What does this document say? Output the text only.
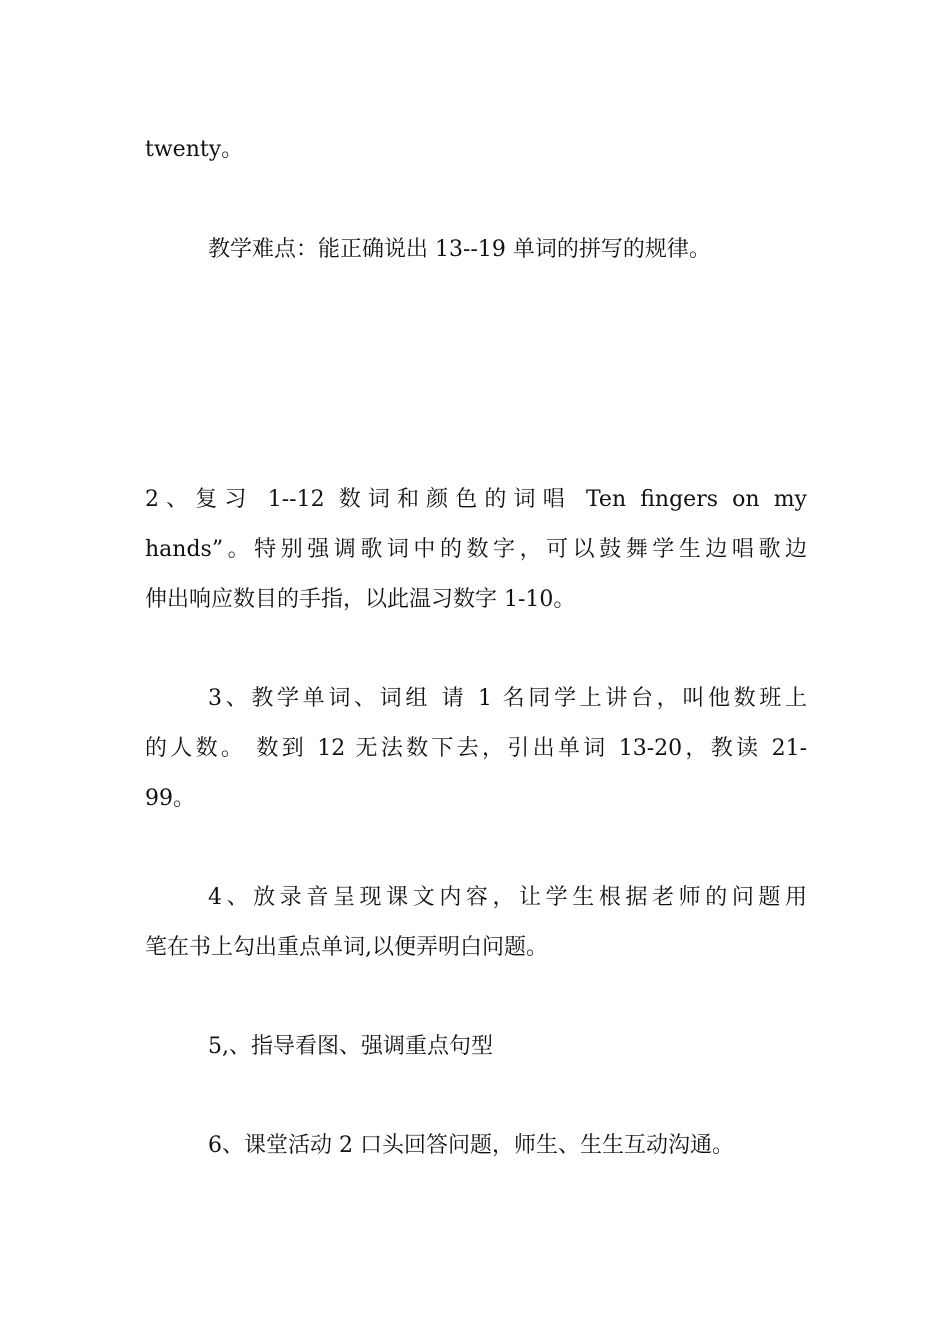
twenty。

教学难点：能正确说出 13--19 单词的拼写的规律。

2、复习 1--12 数词和颜色的词唱 Ten fingers on my

hands”。特别强调歌词中的数字，可以鼓舞学生边唱歌边

伸出响应数目的手指，以此温习数字 1-10。

3、教学单词、词组 请 1 名同学上讲台，叫他数班上

的人数。 数到 12 无法数下去，引出单词 13-20，教读 21-

99。

4、放录音呈现课文内容，让学生根据老师的问题用

笔在书上勾出重点单词,以便弄明白问题。

5,、指导看图、强调重点句型

6、课堂活动 2 口头回答问题，师生、生生互动沟通。
